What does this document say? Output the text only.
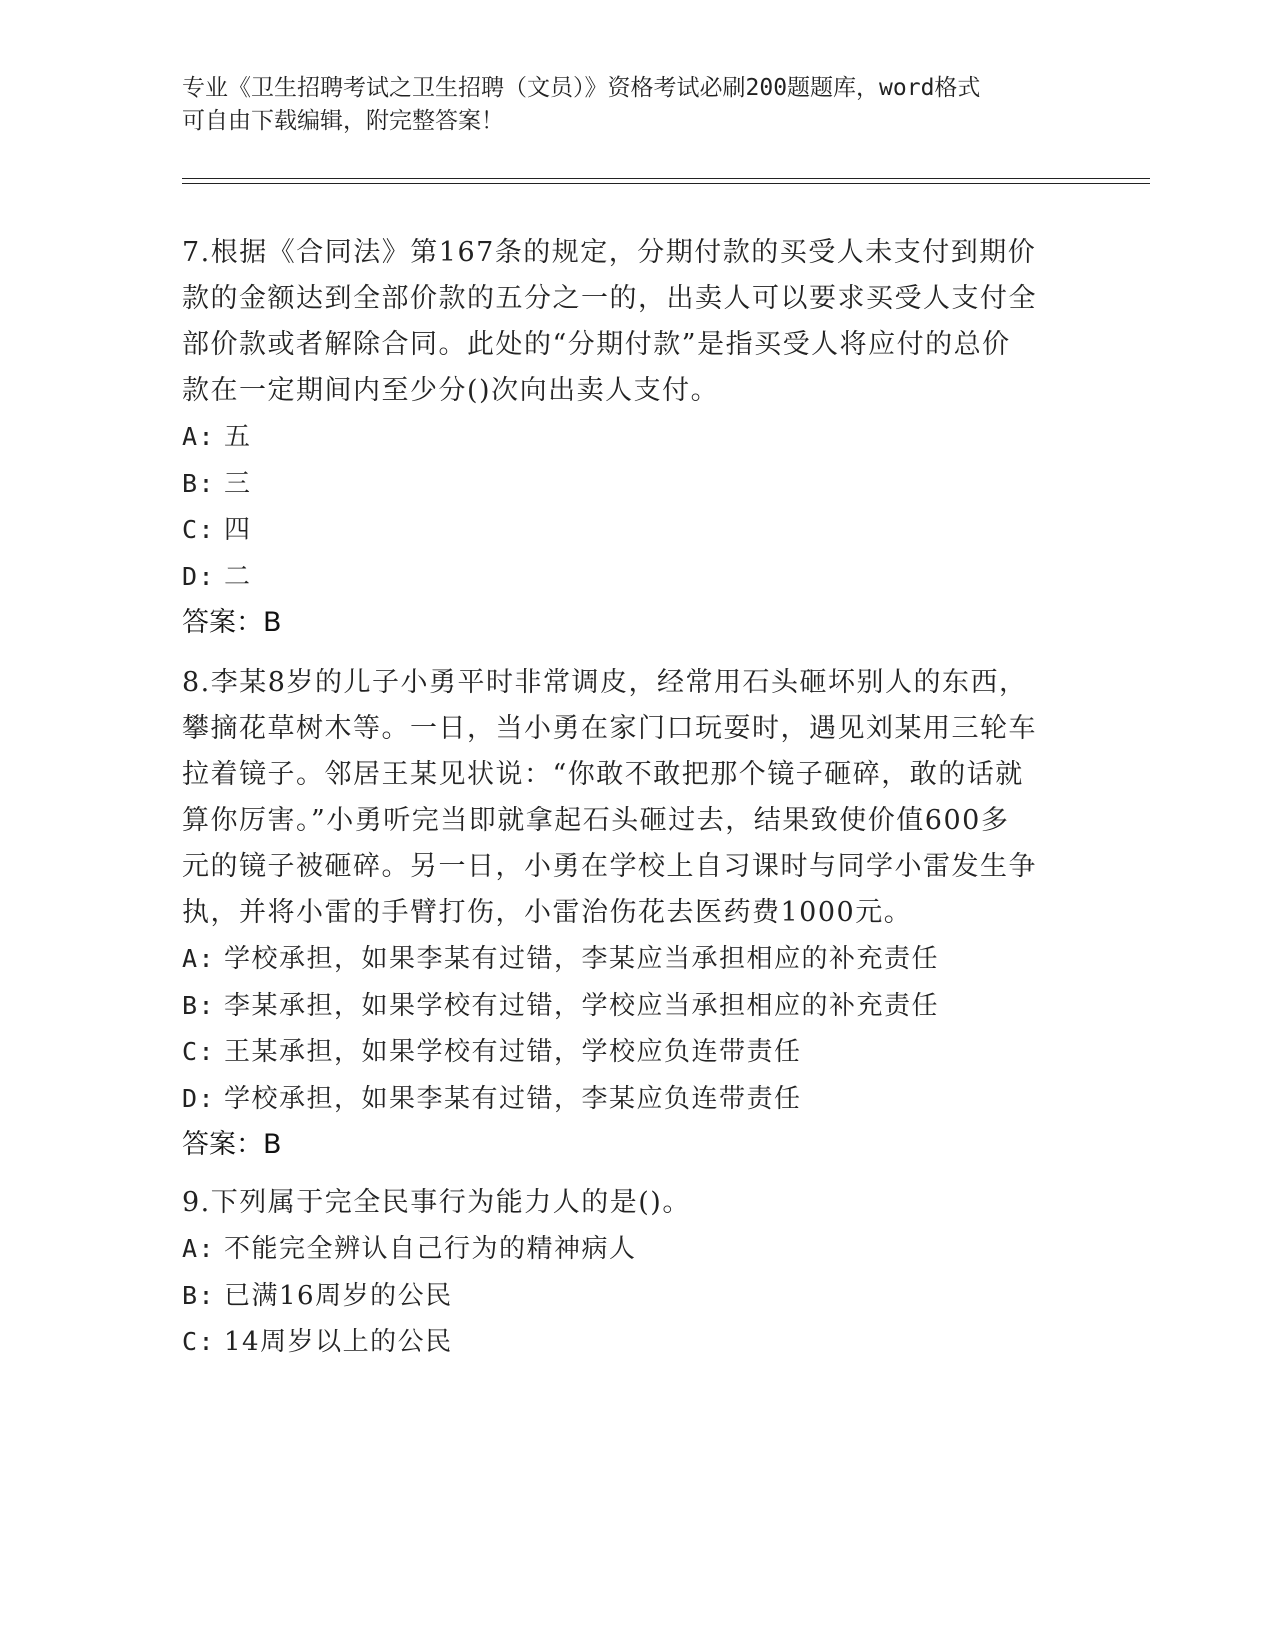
专业《卫生招聘考试之卫生招聘（文员）》资格考试必刷200题题库，word格式
可自由下载编辑，附完整答案！
7.根据《合同法》第167条的规定，分期付款的买受人未支付到期价
款的金额达到全部价款的五分之一的，出卖人可以要求买受人支付全
部价款或者解除合同。此处的“分期付款”是指买受人将应付的总价
款在一定期间内至少分()次向出卖人支付。
A: 五
B: 三
C: 四
D: 二
答案：B
8.李某8岁的儿子小勇平时非常调皮，经常用石头砸坏别人的东西，
攀摘花草树木等。一日，当小勇在家门口玩耍时，遇见刘某用三轮车
拉着镜子。邻居王某见状说：“你敢不敢把那个镜子砸碎，敢的话就
算你厉害。”小勇听完当即就拿起石头砸过去，结果致使价值600多
元的镜子被砸碎。另一日，小勇在学校上自习课时与同学小雷发生争
执，并将小雷的手臂打伤，小雷治伤花去医药费1000元。
A: 学校承担，如果李某有过错，李某应当承担相应的补充责任
B: 李某承担，如果学校有过错，学校应当承担相应的补充责任
C: 王某承担，如果学校有过错，学校应负连带责任
D: 学校承担，如果李某有过错，李某应负连带责任
答案：B
9.下列属于完全民事行为能力人的是()。
A: 不能完全辨认自己行为的精神病人
B: 已满16周岁的公民
C: 14周岁以上的公民
